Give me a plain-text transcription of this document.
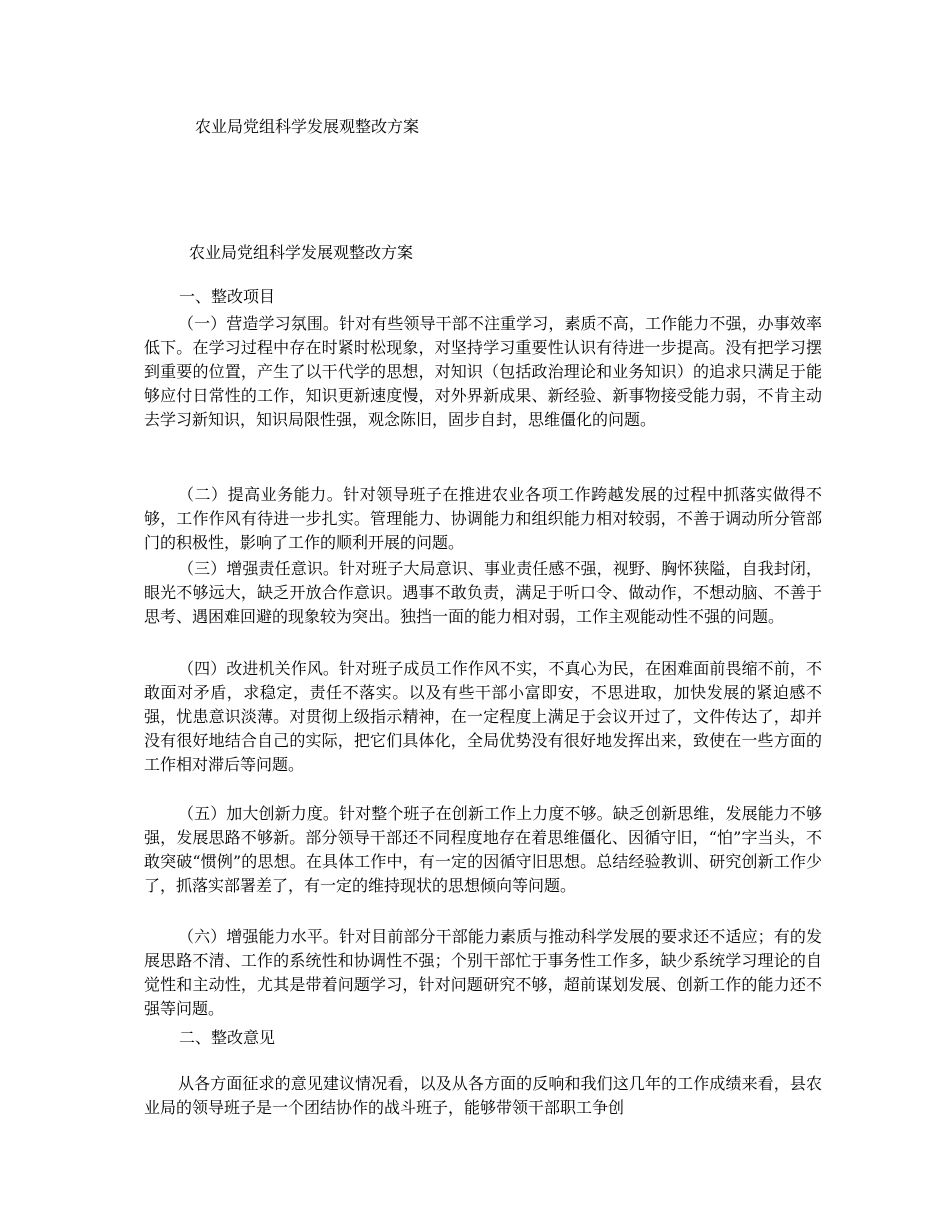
农业局党组科学发展观整改方案
农业局党组科学发展观整改方案
一、整改项目

（一）营造学习氛围。针对有些领导干部不注重学习，素质不高，工作能力不强，办事效率低下。在学习过程中存在时紧时松现象，对坚持学习重要性认识有待进一步提高。没有把学习摆到重要的位置，产生了以干代学的思想，对知识（包括政治理论和业务知识）的追求只满足于能够应付日常性的工作，知识更新速度慢，对外界新成果、新经验、新事物接受能力弱，不肯主动去学习新知识，知识局限性强，观念陈旧，固步自封，思维僵化的问题。

（二）提高业务能力。针对领导班子在推进农业各项工作跨越发展的过程中抓落实做得不够，工作作风有待进一步扎实。管理能力、协调能力和组织能力相对较弱，不善于调动所分管部门的积极性，影响了工作的顺利开展的问题。

（三）增强责任意识。针对班子大局意识、事业责任感不强，视野、胸怀狭隘，自我封闭，眼光不够远大，缺乏开放合作意识。遇事不敢负责，满足于听口令、做动作，不想动脑、不善于思考、遇困难回避的现象较为突出。独挡一面的能力相对弱，工作主观能动性不强的问题。

（四）改进机关作风。针对班子成员工作作风不实，不真心为民，在困难面前畏缩不前，不敢面对矛盾，求稳定，责任不落实。以及有些干部小富即安，不思进取，加快发展的紧迫感不强，忧患意识淡薄。对贯彻上级指示精神，在一定程度上满足于会议开过了，文件传达了，却并没有很好地结合自己的实际，把它们具体化，全局优势没有很好地发挥出来，致使在一些方面的工作相对滞后等问题。

（五）加大创新力度。针对整个班子在创新工作上力度不够。缺乏创新思维，发展能力不够强，发展思路不够新。部分领导干部还不同程度地存在着思维僵化、因循守旧，“怕”字当头，不敢突破“惯例”的思想。在具体工作中，有一定的因循守旧思想。总结经验教训、研究创新工作少了，抓落实部署差了，有一定的维持现状的思想倾向等问题。

（六）增强能力水平。针对目前部分干部能力素质与推动科学发展的要求还不适应；有的发展思路不清、工作的系统性和协调性不强；个别干部忙于事务性工作多，缺少系统学习理论的自觉性和主动性，尤其是带着问题学习，针对问题研究不够，超前谋划发展、创新工作的能力还不强等问题。

二、整改意见

从各方面征求的意见建议情况看，以及从各方面的反响和我们这几年的工作成绩来看，县农业局的领导班子是一个团结协作的战斗班子，能够带领干部职工争创
